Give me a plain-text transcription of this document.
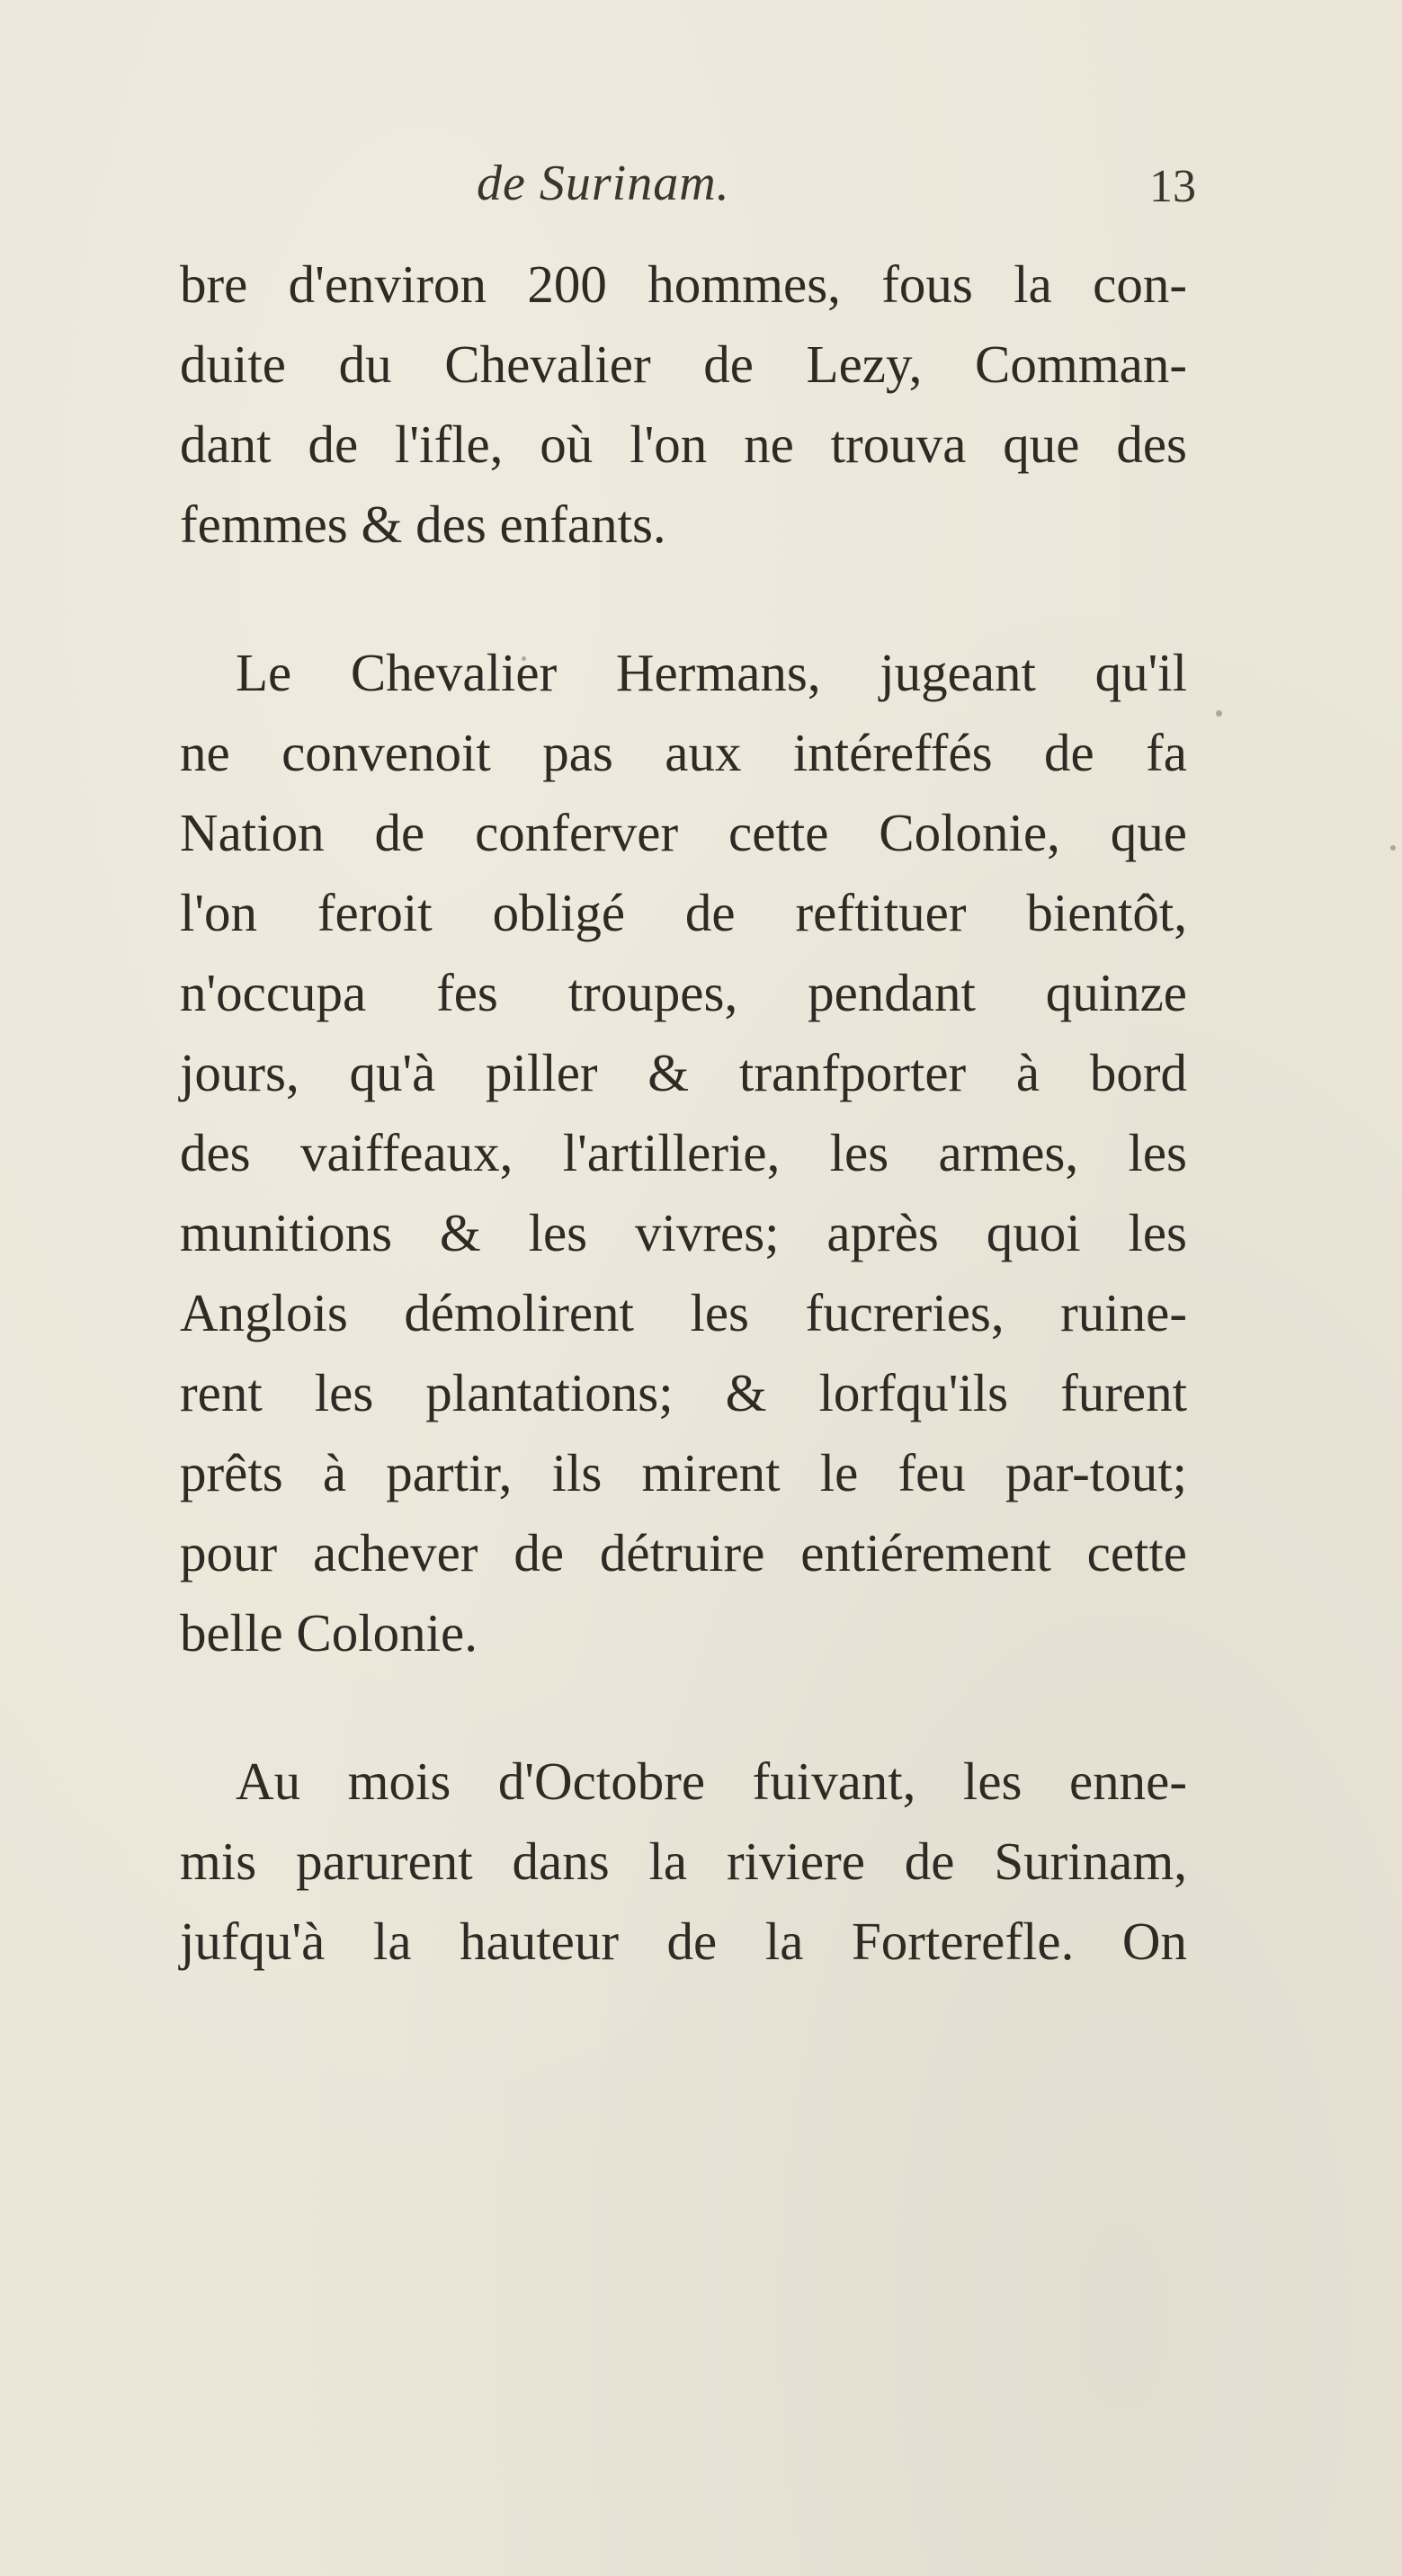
de Surinam.	13

bre d'environ 200 hommes, fous la con-
duite du Chevalier de Lezy, Comman-
dant de l'ifle, où l'on ne trouva que des
femmes & des enfants.

Le Chevalier Hermans, jugeant qu'il
ne convenoit pas aux intéreffés de fa
Nation de conferver cette Colonie, que
l'on feroit obligé de reftituer bientôt,
n'occupa fes troupes, pendant quinze
jours, qu'à piller & tranfporter à bord
des vaiffeaux, l'artillerie, les armes, les
munitions & les vivres; après quoi les
Anglois démolirent les fucreries, ruine-
rent les plantations; & lorfqu'ils furent
prêts à partir, ils mirent le feu par-tout;
pour achever de détruire entiérement cette
belle Colonie.

Au mois d'Octobre fuivant, les enne-
mis parurent dans la riviere de Surinam,
jufqu'à la hauteur de la Forterefle. On
